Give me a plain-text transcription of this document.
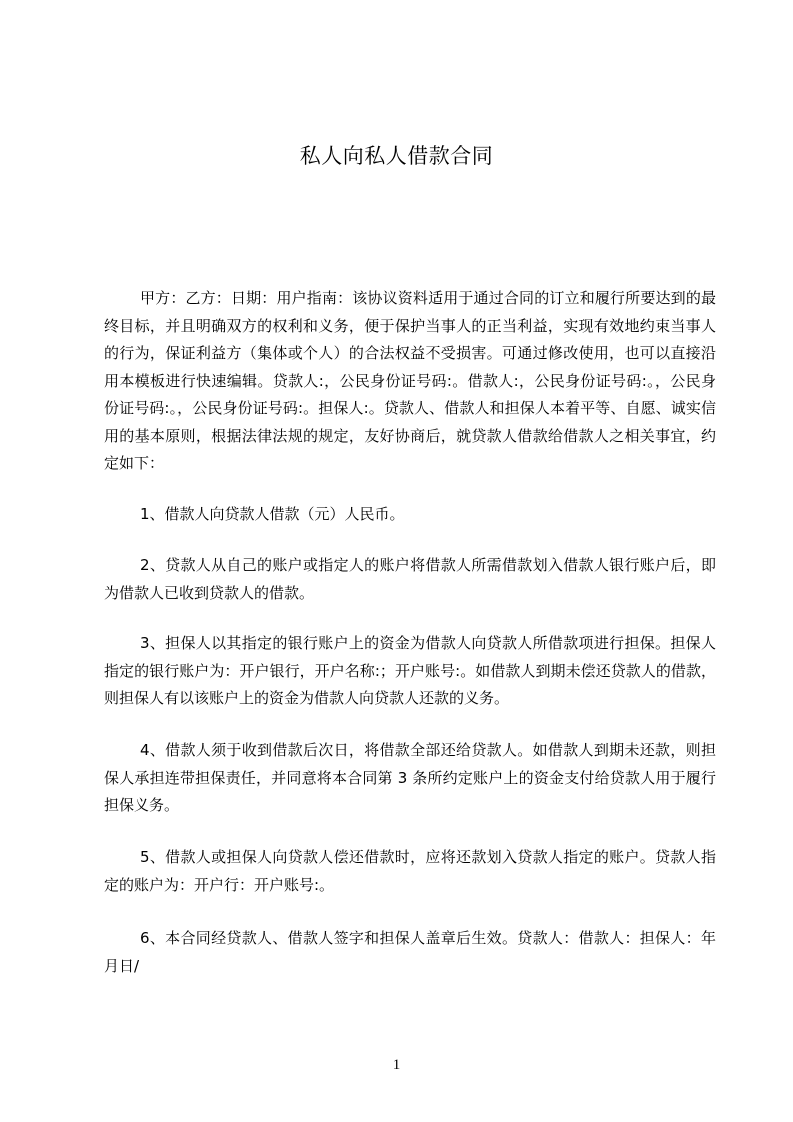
私人向私人借款合同

甲方：乙方：日期：用户指南：该协议资料适用于通过合同的订立和履行所要达到的最终目标，并且明确双方的权利和义务，便于保护当事人的正当利益，实现有效地约束当事人的行为，保证利益方（集体或个人）的合法权益不受损害。可通过修改使用，也可以直接沿用本模板进行快速编辑。贷款人:，公民身份证号码:。借款人:，公民身份证号码:。，公民身份证号码:。，公民身份证号码:。担保人:。贷款人、借款人和担保人本着平等、自愿、诚实信用的基本原则，根据法律法规的规定，友好协商后，就贷款人借款给借款人之相关事宜，约定如下：

1、借款人向贷款人借款（元）人民币。

2、贷款人从自己的账户或指定人的账户将借款人所需借款划入借款人银行账户后，即为借款人已收到贷款人的借款。

3、担保人以其指定的银行账户上的资金为借款人向贷款人所借款项进行担保。担保人指定的银行账户为：开户银行，开户名称:；开户账号:。如借款人到期未偿还贷款人的借款，则担保人有以该账户上的资金为借款人向贷款人还款的义务。

4、借款人须于收到借款后次日，将借款全部还给贷款人。如借款人到期未还款，则担保人承担连带担保责任，并同意将本合同第 3 条所约定账户上的资金支付给贷款人用于履行担保义务。

5、借款人或担保人向贷款人偿还借款时，应将还款划入贷款人指定的账户。贷款人指定的账户为：开户行：开户账号:。

6、本合同经贷款人、借款人签字和担保人盖章后生效。贷款人：借款人：担保人：年月日/

1
